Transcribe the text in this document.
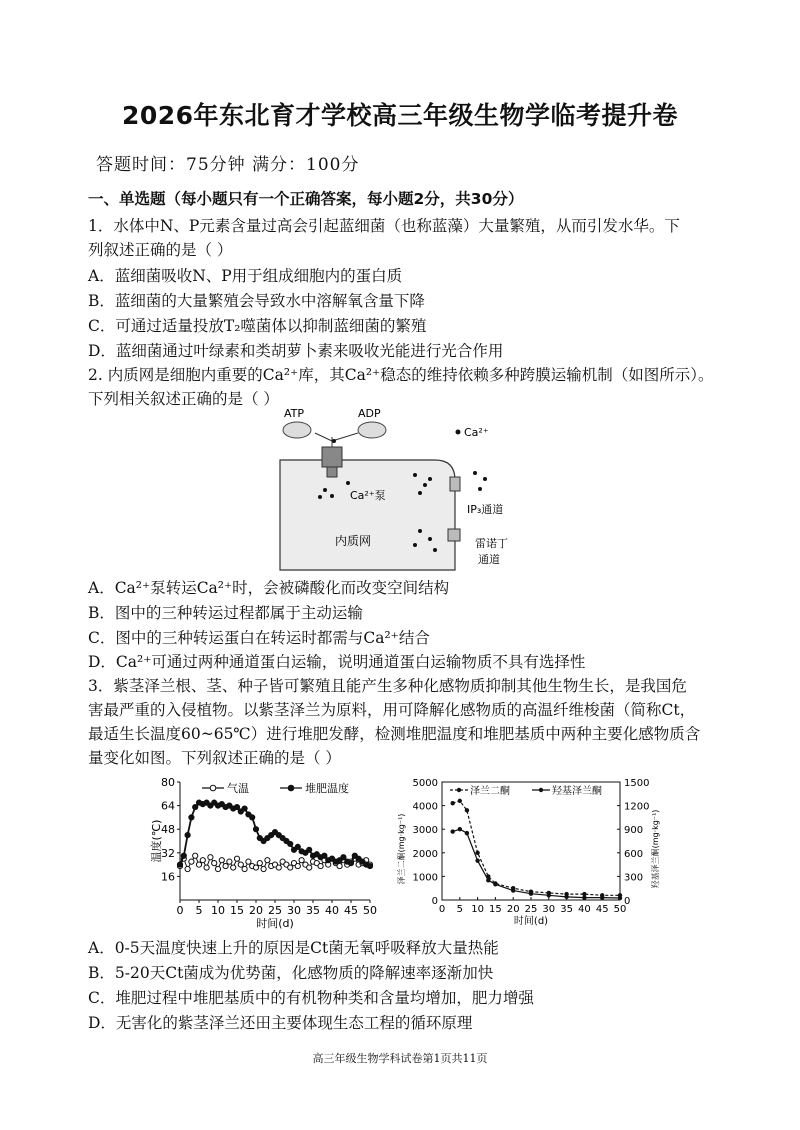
2026年东北育才学校高三年级生物学临考提升卷
答题时间：75分钟 满分：100分
一、单选题（每小题只有一个正确答案，每小题2分，共30分）
1．水体中N、P元素含量过高会引起蓝细菌（也称蓝藻）大量繁殖，从而引发水华。下
列叙述正确的是（ ）
A．蓝细菌吸收N、P用于组成细胞内的蛋白质
B．蓝细菌的大量繁殖会导致水中溶解氧含量下降
C．可通过适量投放T₂噬菌体以抑制蓝细菌的繁殖
D．蓝细菌通过叶绿素和类胡萝卜素来吸收光能进行光合作用
2. 内质网是细胞内重要的Ca²⁺库，其Ca²⁺稳态的维持依赖多种跨膜运输机制（如图所示）。
下列相关叙述正确的是（ ）
内质网
ATP	ADP
Ca²⁺泵
Ca²⁺
IP₃通道
雷诺丁
通道
A．Ca²⁺泵转运Ca²⁺时，会被磷酸化而改变空间结构
B．图中的三种转运过程都属于主动运输
C．图中的三种转运蛋白在转运时都需与Ca²⁺结合
D．Ca²⁺可通过两种通道蛋白运输，说明通道蛋白运输物质不具有选择性
3．紫茎泽兰根、茎、种子皆可繁殖且能产生多种化感物质抑制其他生物生长，是我国危
害最严重的入侵植物。以紫茎泽兰为原料，用可降解化感物质的高温纤维梭菌（简称Ct，
最适生长温度60~65℃）进行堆肥发酵，检测堆肥温度和堆肥基质中两种主要化感物质含
量变化如图。下列叙述正确的是（ ）
16
32
48
64
80
0 5 10 15 20 25 30 35 40 45 50
时间(d)
温度(℃)
气温	堆肥温度
0
1000
2000
3000
4000
5000
0
300
600
900
1200
1500
0 5 10 15 20 25 30 35 40 45 50
时间(d)
泽兰二酮(mg·kg⁻¹)	羟基泽兰酮(mg·kg⁻¹)
泽兰二酮	羟基泽兰酮
A．0-5天温度快速上升的原因是Ct菌无氧呼吸释放大量热能
B．5-20天Ct菌成为优势菌，化感物质的降解速率逐渐加快
C．堆肥过程中堆肥基质中的有机物种类和含量均增加，肥力增强
D．无害化的紫茎泽兰还田主要体现生态工程的循环原理
高三年级生物学科试卷第1页共11页
